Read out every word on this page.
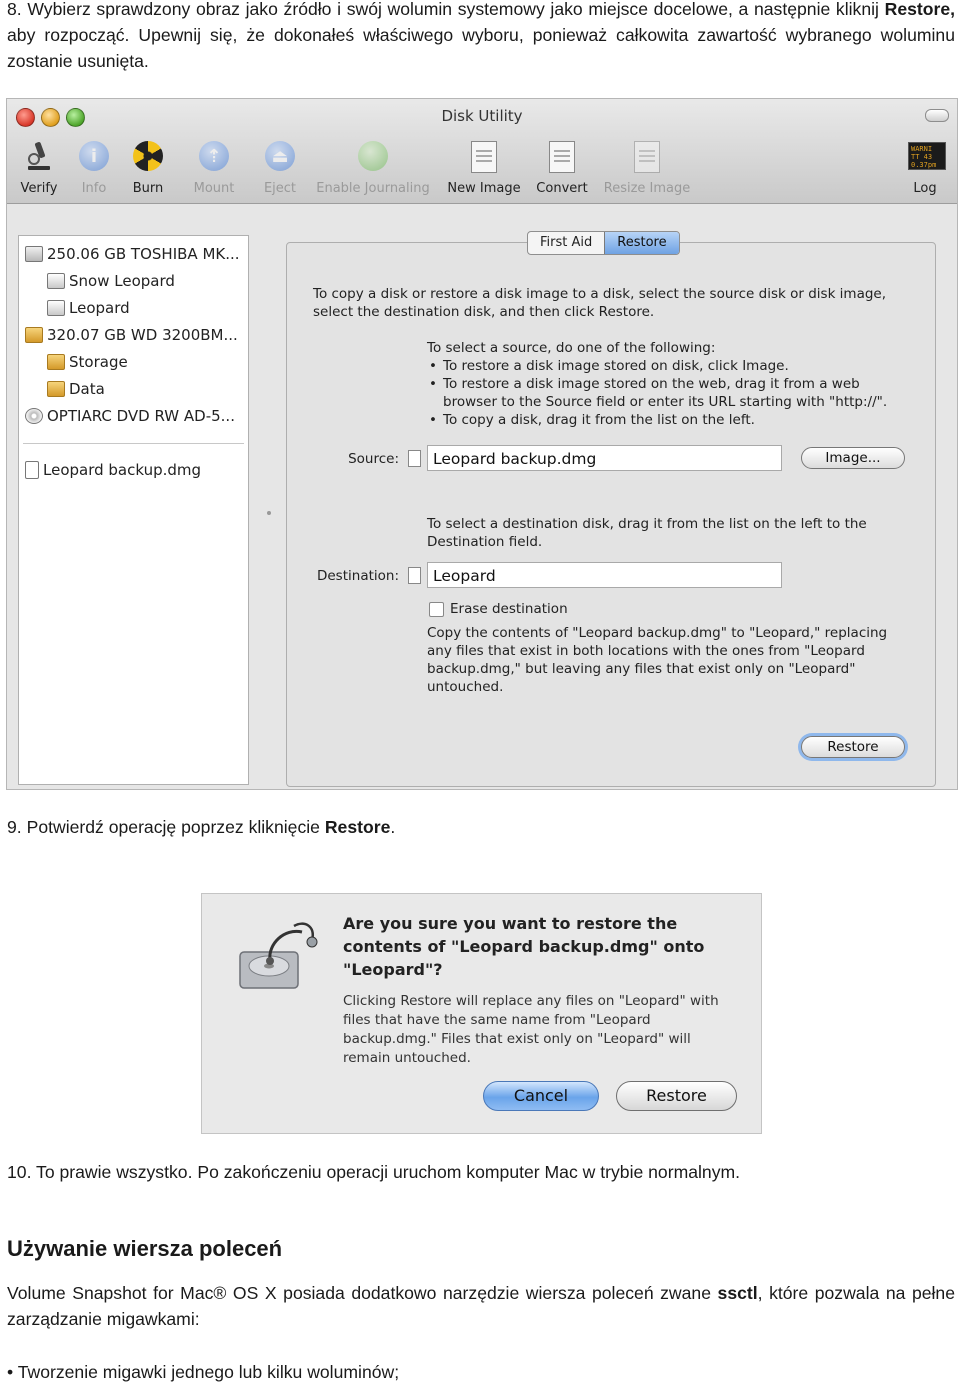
8. Wybierz sprawdzony obraz jako źródło i swój wolumin systemowy jako miejsce docelowe, a następnie kliknij Restore, aby rozpocząć. Upewnij się, że dokonałeś właściwego wyboru, ponieważ całkowita zawartość wybranego woluminu zostanie usunięta.
Disk Utility
Verify
i
Info Burn
⇡
Mount
⏏
Eject Enable Journaling New Image Convert Resize Image
WARNI
TT 43
0.37pm
Log
250.06 GB TOSHIBA MK...
Snow Leopard
Leopard
320.07 GB WD 3200BM...
Storage
Data
OPTIARC DVD RW AD-5...
Leopard backup.dmg
First Aid	Restore
To copy a disk or restore a disk image to a disk, select the source disk or disk image, select the destination disk, and then click Restore.
To select a source, do one of the following:
• To restore a disk image stored on disk, click Image.
• To restore a disk image stored on the web, drag it from a web browser to the Source field or enter its URL starting with "http://".
• To copy a disk, drag it from the list on the left.
Source:	Leopard backup.dmg	Image...
To select a destination disk, drag it from the list on the left to the Destination field.
Destination:	Leopard
Erase destination
Copy the contents of "Leopard backup.dmg" to "Leopard," replacing any files that exist in both locations with the ones from "Leopard backup.dmg," but leaving any files that exist only on "Leopard" untouched.
Restore
9. Potwierdź operację poprzez kliknięcie Restore.
Are you sure you want to restore the contents of "Leopard backup.dmg" onto "Leopard"?
Clicking Restore will replace any files on "Leopard" with files that have the same name from "Leopard backup.dmg." Files that exist only on "Leopard" will remain untouched.
Cancel	Restore
10. To prawie wszystko. Po zakończeniu operacji uruchom komputer Mac w trybie normalnym.
Używanie wiersza poleceń
Volume Snapshot for Mac® OS X posiada dodatkowo narzędzie wiersza poleceń zwane ssctl, które pozwala na pełne zarządzanie migawkami:
• Tworzenie migawki jednego lub kilku woluminów;
